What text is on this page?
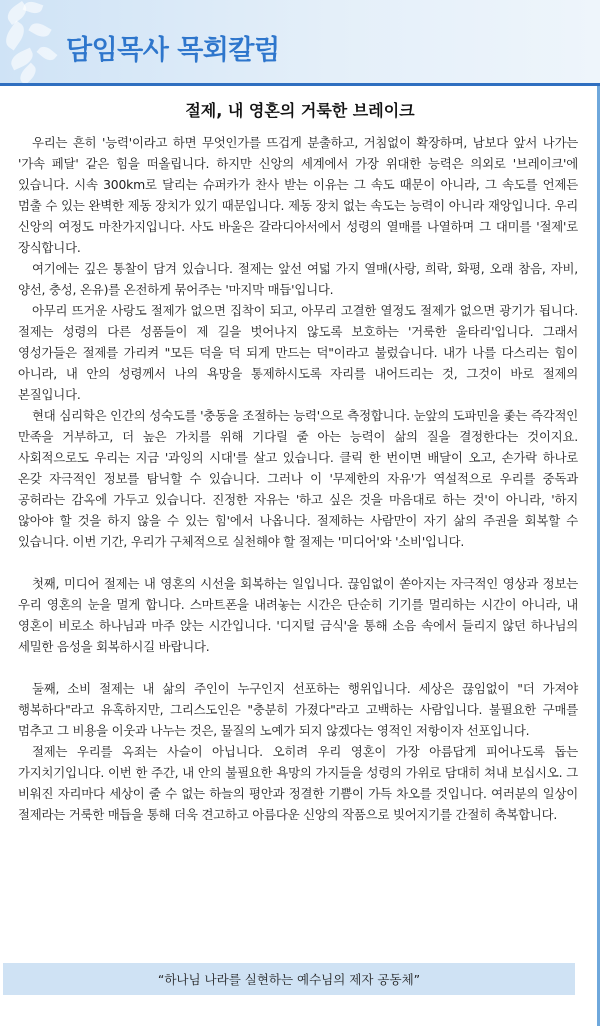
담임목사 목회칼럼
절제, 내 영혼의 거룩한 브레이크

우리는 흔히 '능력'이라고 하면 무엇인가를 뜨겁게 분출하고, 거침없이 확장하며, 남보다 앞서 나가는 '가속 페달' 같은 힘을 떠올립니다. 하지만 신앙의 세계에서 가장 위대한 능력은 의외로 '브레이크'에 있습니다. 시속 300km로 달리는 슈퍼카가 찬사 받는 이유는 그 속도 때문이 아니라, 그 속도를 언제든 멈출 수 있는 완벽한 제동 장치가 있기 때문입니다. 제동 장치 없는 속도는 능력이 아니라 재앙입니다. 우리 신앙의 여정도 마찬가지입니다. 사도 바울은 갈라디아서에서 성령의 열매를 나열하며 그 대미를 '절제'로 장식합니다.

여기에는 깊은 통찰이 담겨 있습니다. 절제는 앞선 여덟 가지 열매(사랑, 희락, 화평, 오래 참음, 자비, 양선, 충성, 온유)를 온전하게 묶어주는 '마지막 매듭'입니다.

아무리 뜨거운 사랑도 절제가 없으면 집착이 되고, 아무리 고결한 열정도 절제가 없으면 광기가 됩니다. 절제는 성령의 다른 성품들이 제 길을 벗어나지 않도록 보호하는 '거룩한 울타리'입니다. 그래서 영성가들은 절제를 가리켜 "모든 덕을 덕 되게 만드는 덕"이라고 불렀습니다. 내가 나를 다스리는 힘이 아니라, 내 안의 성령께서 나의 욕망을 통제하시도록 자리를 내어드리는 것, 그것이 바로 절제의 본질입니다.

현대 심리학은 인간의 성숙도를 '충동을 조절하는 능력'으로 측정합니다. 눈앞의 도파민을 좇는 즉각적인 만족을 거부하고, 더 높은 가치를 위해 기다릴 줄 아는 능력이 삶의 질을 결정한다는 것이지요.사회적으로도 우리는 지금 '과잉의 시대'를 살고 있습니다. 클릭 한 번이면 배달이 오고, 손가락 하나로 온갖 자극적인 정보를 탐닉할 수 있습니다. 그러나 이 '무제한의 자유'가 역설적으로 우리를 중독과 공허라는 감옥에 가두고 있습니다. 진정한 자유는 '하고 싶은 것을 마음대로 하는 것'이 아니라, '하지 않아야 할 것을 하지 않을 수 있는 힘'에서 나옵니다. 절제하는 사람만이 자기 삶의 주권을 회복할 수 있습니다. 이번 기간, 우리가 구체적으로 실천해야 할 절제는 '미디어'와 '소비'입니다.

첫째, 미디어 절제는 내 영혼의 시선을 회복하는 일입니다. 끊임없이 쏟아지는 자극적인 영상과 정보는 우리 영혼의 눈을 멀게 합니다. 스마트폰을 내려놓는 시간은 단순히 기기를 멀리하는 시간이 아니라, 내 영혼이 비로소 하나님과 마주 앉는 시간입니다. '디지털 금식'을 통해 소음 속에서 들리지 않던 하나님의 세밀한 음성을 회복하시길 바랍니다.

둘째, 소비 절제는 내 삶의 주인이 누구인지 선포하는 행위입니다. 세상은 끊임없이 "더 가져야 행복하다"라고 유혹하지만, 그리스도인은 "충분히 가졌다"라고 고백하는 사람입니다. 불필요한 구매를 멈추고 그 비용을 이웃과 나누는 것은, 물질의 노예가 되지 않겠다는 영적인 저항이자 선포입니다.

절제는 우리를 옥죄는 사슬이 아닙니다. 오히려 우리 영혼이 가장 아름답게 피어나도록 돕는 가지치기입니다. 이번 한 주간, 내 안의 불필요한 욕망의 가지들을 성령의 가위로 담대히 쳐내 보십시오. 그 비워진 자리마다 세상이 줄 수 없는 하늘의 평안과 정결한 기쁨이 가득 차오를 것입니다. 여러분의 일상이 절제라는 거룩한 매듭을 통해 더욱 견고하고 아름다운 신앙의 작품으로 빚어지기를 간절히 축복합니다.

“하나님 나라를 실현하는 예수님의 제자 공동체”
